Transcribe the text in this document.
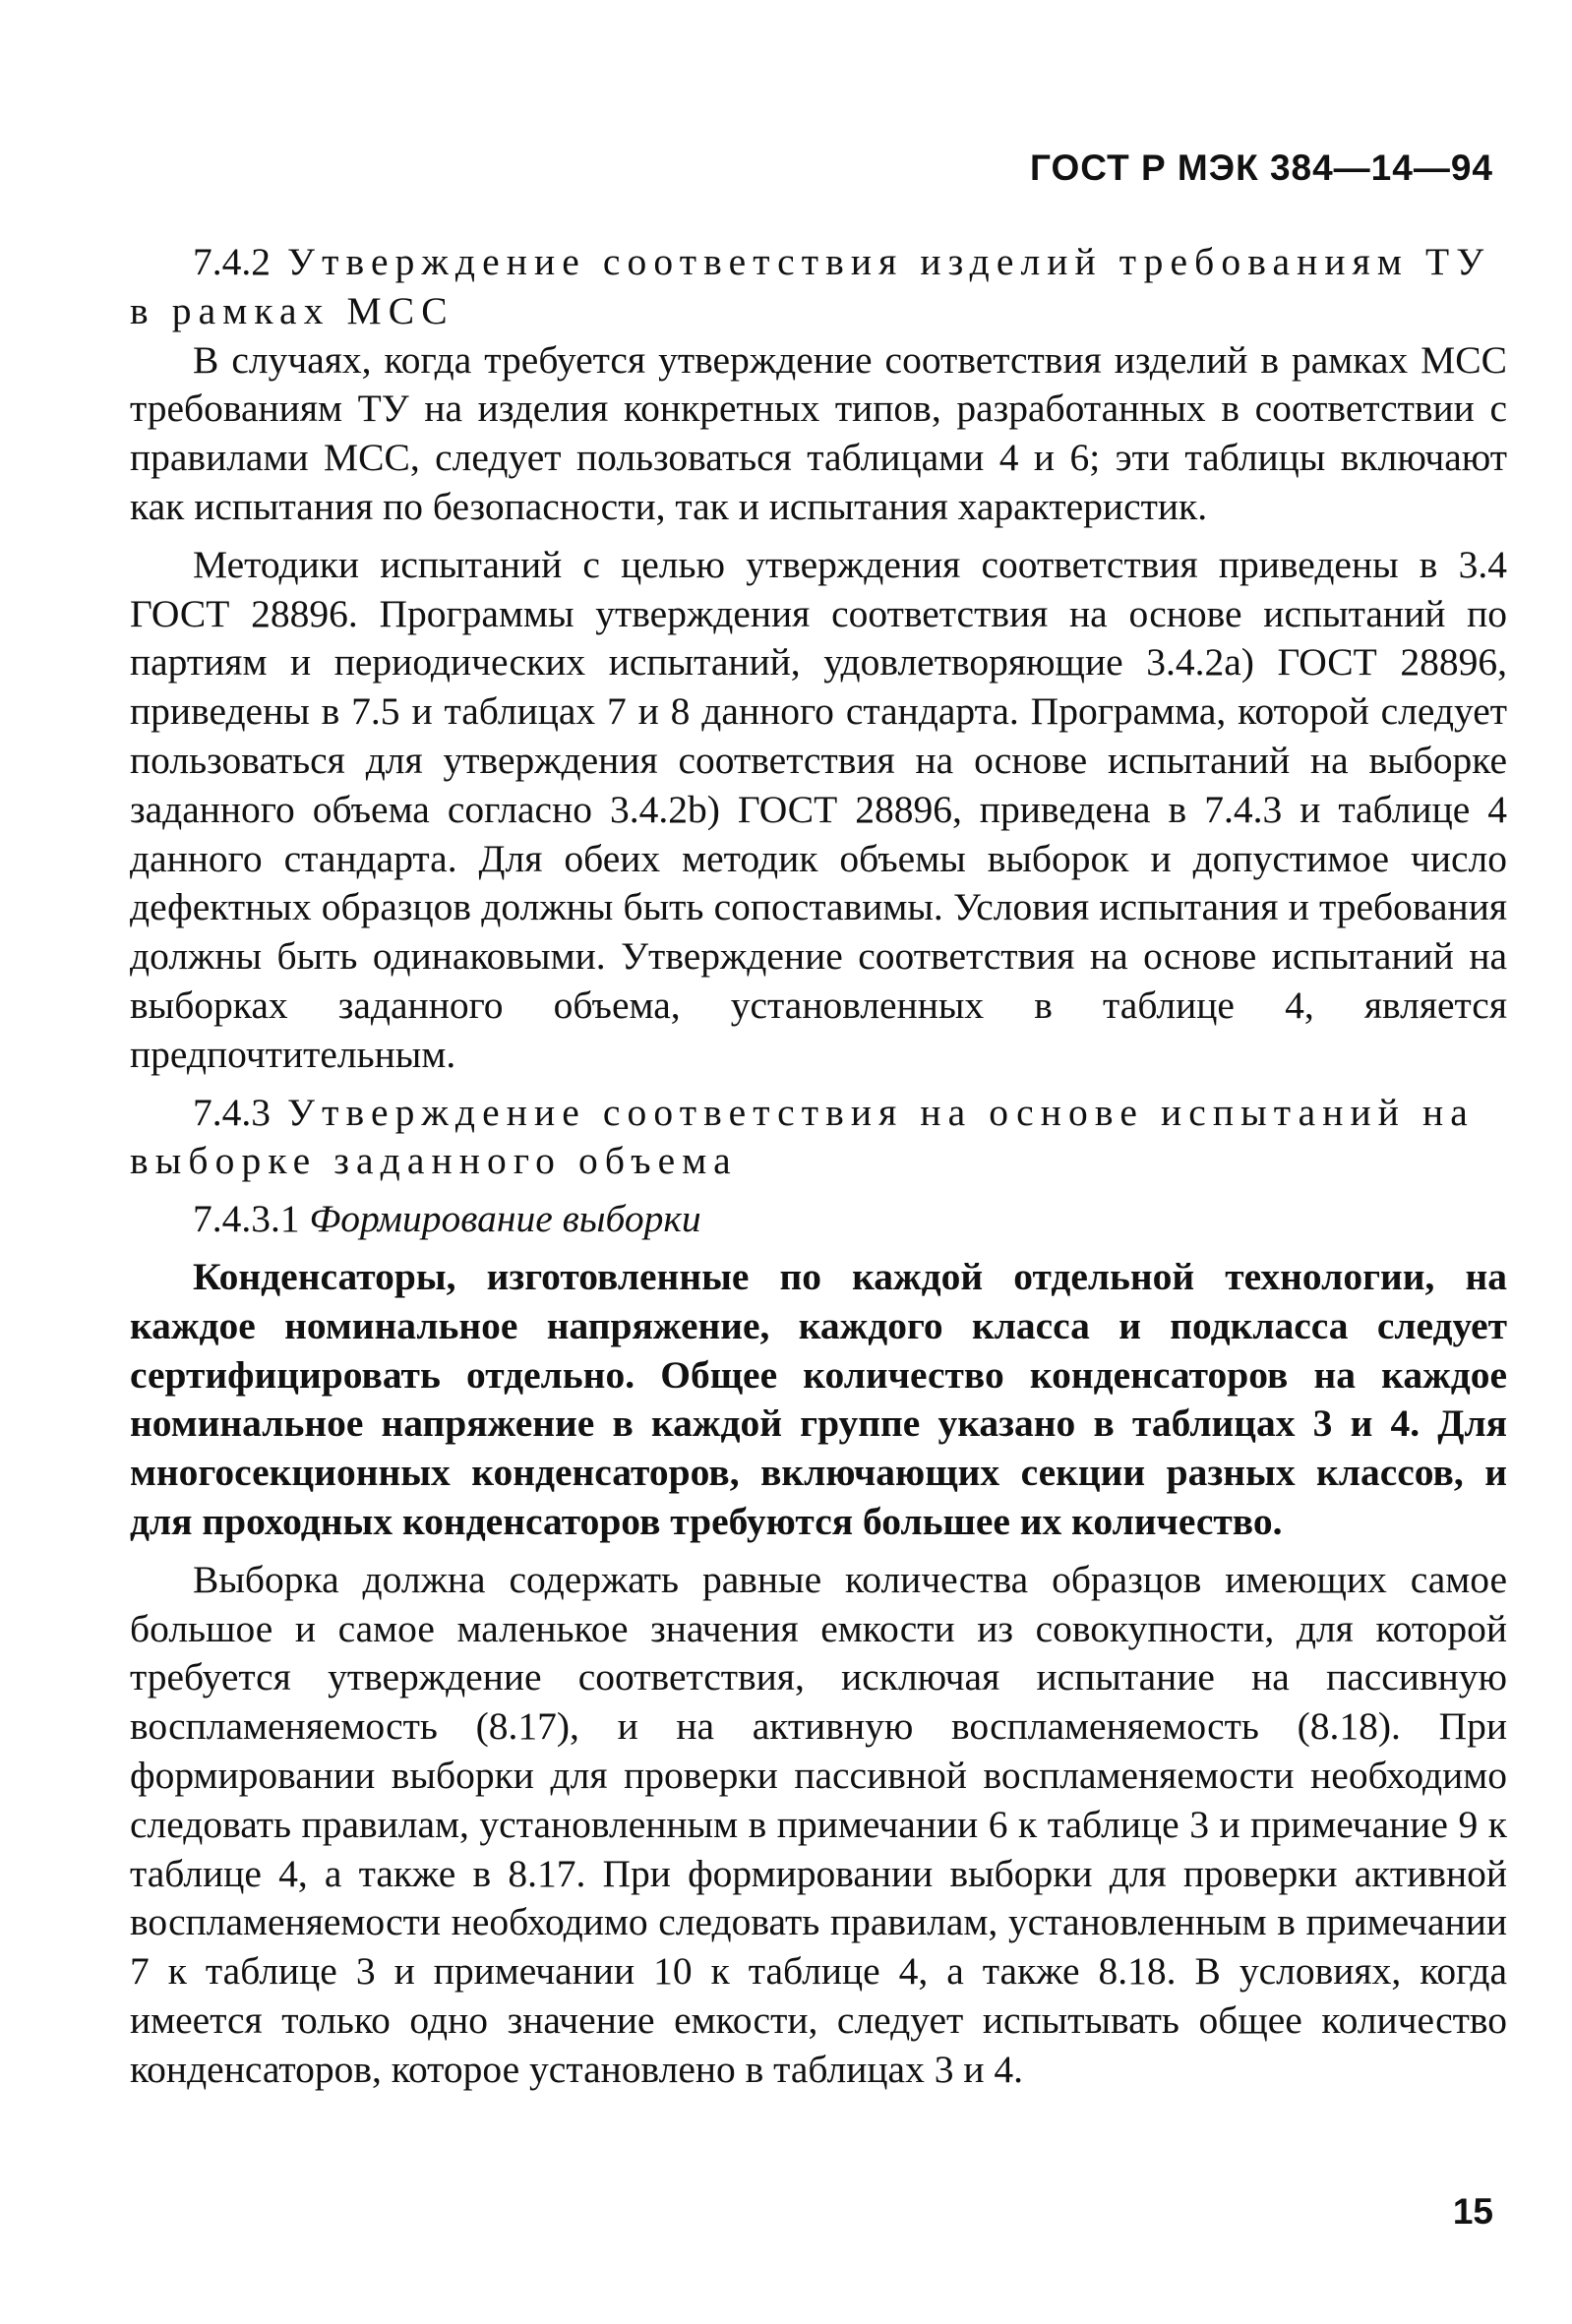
ГОСТ Р МЭК 384—14—94

7.4.2 Утверждение соответствия изделий требованиям ТУ в рамках МСС

В случаях, когда требуется утверждение соответствия изделий в рамках МСС требованиям ТУ на изделия конкретных типов, разработанных в соответствии с правилами МСС, следует пользоваться таблицами 4 и 6; эти таблицы включают как испытания по безопасности, так и испытания характеристик.

Методики испытаний с целью утверждения соответствия приведены в 3.4 ГОСТ 28896. Программы утверждения соответствия на основе испытаний по партиям и периодических испытаний, удовлетворяющие 3.4.2a) ГОСТ 28896, приведены в 7.5 и таблицах 7 и 8 данного стандарта. Программа, которой следует пользоваться для утверждения соответствия на основе испытаний на выборке заданного объема согласно 3.4.2b) ГОСТ 28896, приведена в 7.4.3 и таблице 4 данного стандарта. Для обеих методик объемы выборок и допустимое число дефектных образцов должны быть сопоставимы. Условия испытания и требования должны быть одинаковыми. Утверждение соответствия на основе испытаний на выборках заданного объема, установленных в таблице 4, является предпочтительным.

7.4.3 Утверждение соответствия на основе испытаний на выборке заданного объема

7.4.3.1 Формирование выборки

Конденсаторы, изготовленные по каждой отдельной технологии, на каждое номинальное напряжение, каждого класса и подкласса следует сертифицировать отдельно. Общее количество конденсаторов на каждое номинальное напряжение в каждой группе указано в таблицах 3 и 4. Для многосекционных конденсаторов, включающих секции разных классов, и для проходных конденсаторов требуются большее их количество.

Выборка должна содержать равные количества образцов имеющих самое большое и самое маленькое значения емкости из совокупности, для которой требуется утверждение соответствия, исключая испытание на пассивную воспламеняемость (8.17), и на активную воспламеняемость (8.18). При формировании выборки для проверки пассивной воспламеняемости необходимо следовать правилам, установленным в примечании 6 к таблице 3 и примечание 9 к таблице 4, а также в 8.17. При формировании выборки для проверки активной воспламеняемости необходимо следовать правилам, установленным в примечании 7 к таблице 3 и примечании 10 к таблице 4, а также 8.18. В условиях, когда имеется только одно значение емкости, следует испытывать общее количество конденсаторов, которое установлено в таблицах 3 и 4.

15
